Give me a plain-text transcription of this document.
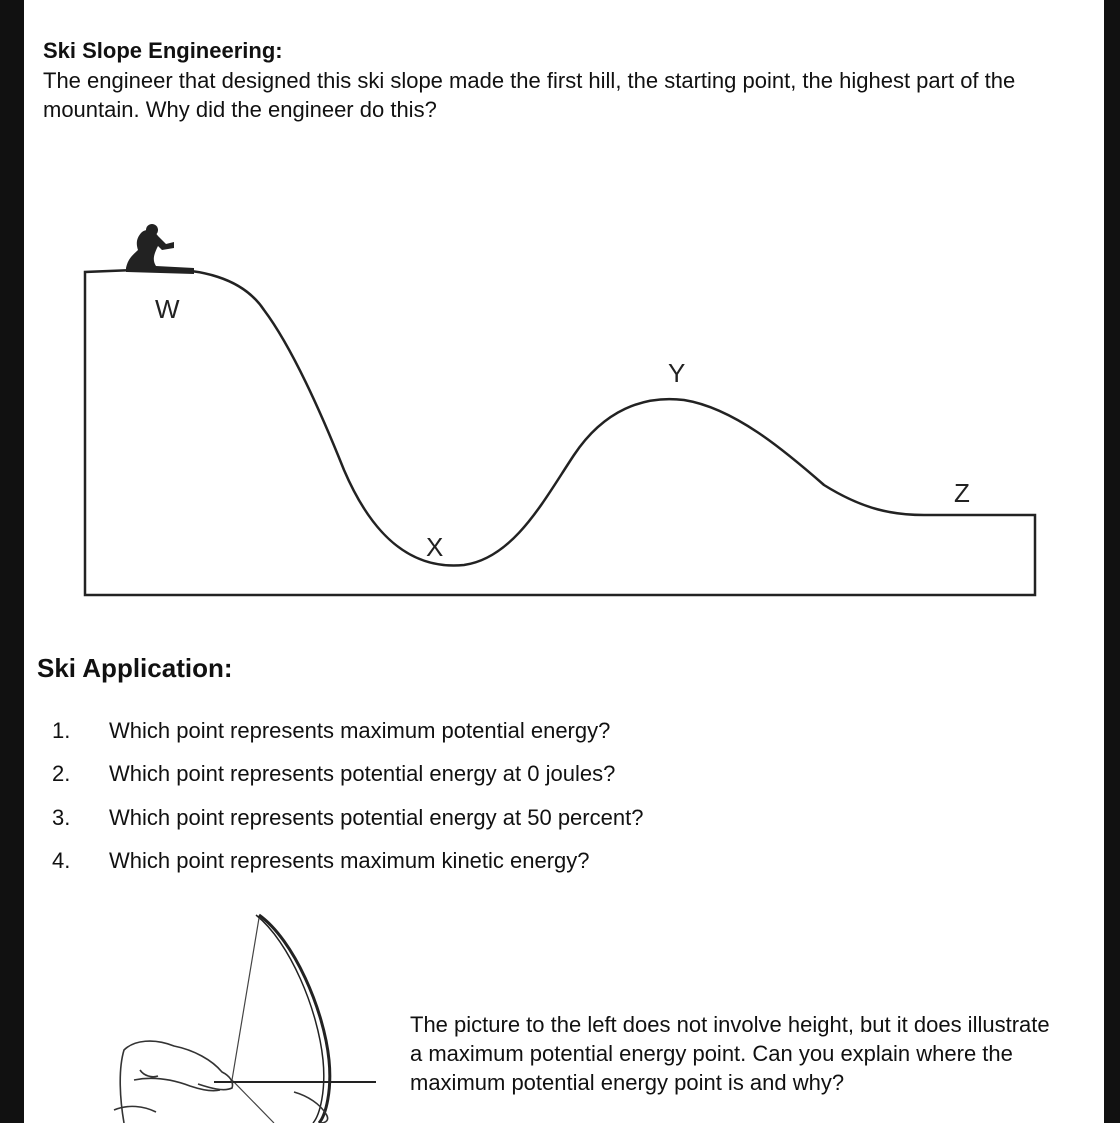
Ski Slope Engineering:
The engineer that designed this ski slope made the first hill, the starting point, the highest part of the mountain. Why did the engineer do this?
W
X
Y
Z
Ski Application:
1.	Which point represents maximum potential energy?
2.	Which point represents potential energy at 0 joules?
3.	Which point represents potential energy at 50 percent?
4.	Which point represents maximum kinetic energy?
The picture to the left does not involve height, but it does illustrate a maximum potential energy point. Can you explain where the maximum potential energy point is and why?
